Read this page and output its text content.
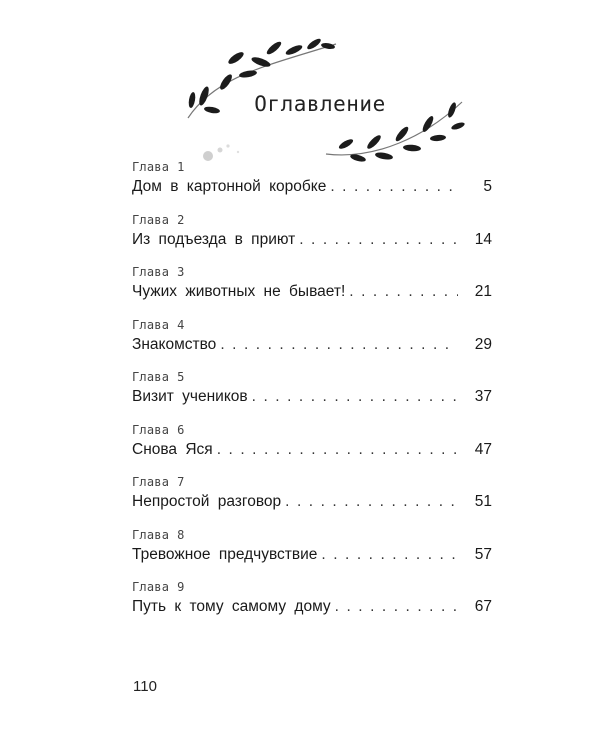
Оглавление
Глава 1
Дом в картонной коробке . . .	5
Глава 2
Из подъезда в приют . . .	14
Глава 3
Чужих животных не бывает! . . .	21
Глава 4
Знакомство . . .	29
Глава 5
Визит учеников . . .	37
Глава 6
Снова Яся . . .	47
Глава 7
Непростой разговор . . .	51
Глава 8
Тревожное предчувствие . . .	57
Глава 9
Путь к тому самому дому . . .	67
110
